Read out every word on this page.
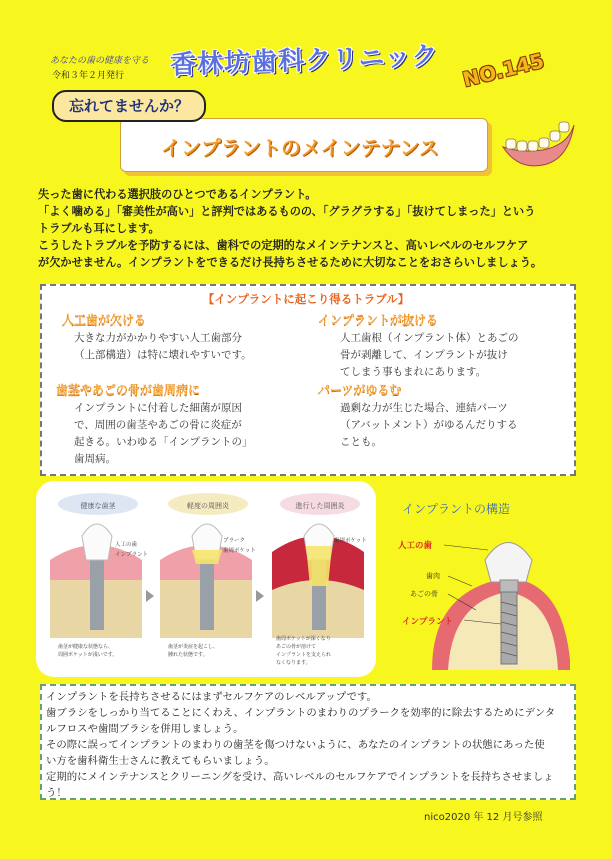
あなたの歯の健康を守る
令和３年２月発行 香林坊歯科クリニック NO.145
忘れてませんか？
インプラントのメインテナンス

失った歯に代わる選択肢のひとつであるインプラント。

「よく噛める」「審美性が高い」と評判ではあるものの、「グラグラする」「抜けてしまった」という

トラブルも耳にします。

こうしたトラブルを予防するには、歯科での定期的なメインテナンスと、高いレベルのセルフケア

が欠かせません。インプラントをできるだけ長持ちさせるために大切なことをおさらいしましょう。

【インプラントに起こり得るトラブル】
人工歯が欠ける
大きな力がかかりやすい人工歯部分
（上部構造）は特に壊れやすいです。
インプラントが抜ける
人工歯根（インプラント体）とあごの
骨が剥離して、インプラントが抜け
てしまう事もまれにあります。
歯茎やあごの骨が歯周病に
インプラントに付着した細菌が原因
で、周囲の歯茎やあごの骨に炎症が
起きる。いわゆる「インプラントの」
歯周病。
パーツがゆるむ
過剰な力が生じた場合、連結パーツ
（アバットメント）がゆるんだりする
ことも。
健康な歯茎
人工の歯
インプラント
歯茎が健康な状態なら、
周囲ポケットが浅いです。
軽度の周囲炎
プラーク
歯周ポケット
歯茎が炎症を起こし、
腫れた状態です。
進行した周囲炎
歯周ポケット
歯周ポケットが深くなり
あごの骨が溶けて
インプラントを支えられ
なくなります。
インプラントの構造
人工の歯
歯肉
あごの骨
インプラント

インプラントを長持ちさせるにはまずセルフケアのレベルアップです。

歯ブラシをしっかり当てることにくわえ、インプラントのまわりのプラークを効率的に除去するためにデンタ

ルフロスや歯間ブラシを併用しましょう。

その際に誤ってインプラントのまわりの歯茎を傷つけないように、あなたのインプラントの状態にあった使

い方を歯科衛生士さんに教えてもらいましょう。

定期的にメインテナンスとクリーニングを受け、高いレベルのセルフケアでインプラントを長持ちさせましょ

う！

nico2020 年 12 月号参照
